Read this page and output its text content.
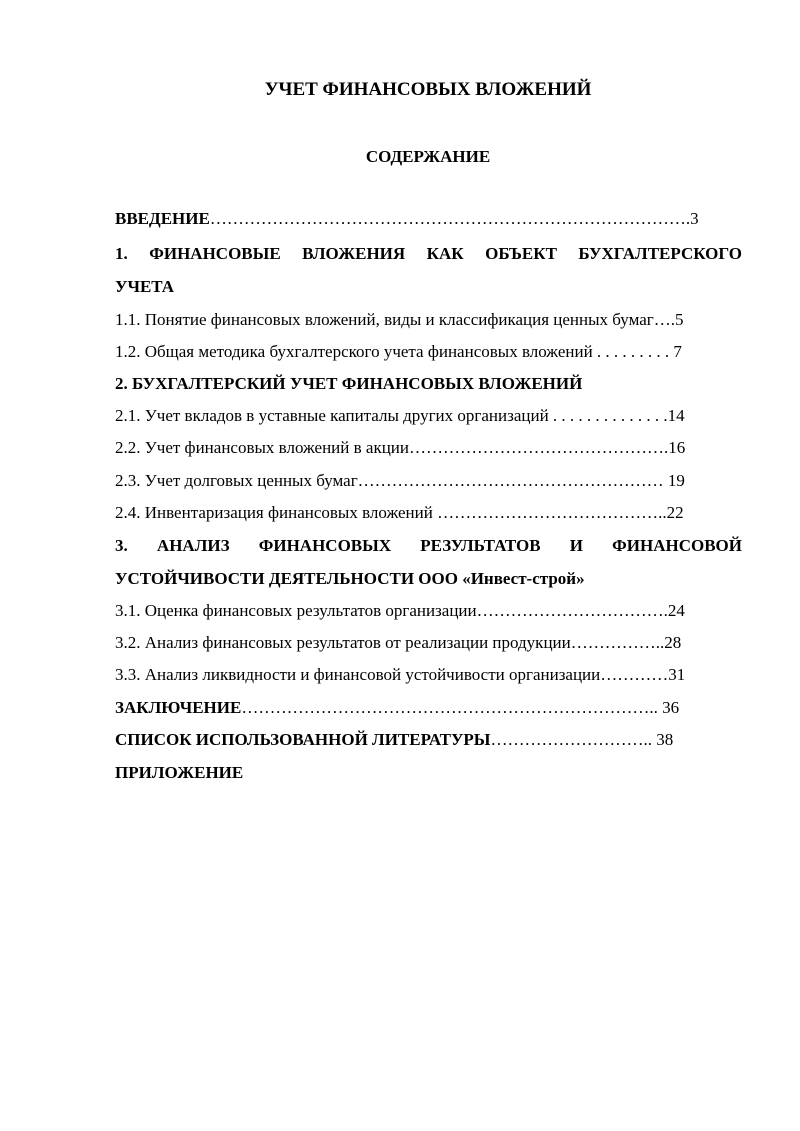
УЧЕТ ФИНАНСОВЫХ ВЛОЖЕНИЙ
СОДЕРЖАНИЕ
ВВЕДЕНИЕ………………………………………………………………………….3
1. ФИНАНСОВЫЕ ВЛОЖЕНИЯ КАК ОБЪЕКТ БУХГАЛТЕРСКОГО
УЧЕТА
1.1. Понятие финансовых вложений, виды и классификация ценных бумаг….5
1.2. Общая методика бухгалтерского учета финансовых вложений . . . . . . . . . 7
2. БУХГАЛТЕРСКИЙ УЧЕТ ФИНАНСОВЫХ ВЛОЖЕНИЙ
2.1. Учет вкладов в уставные капиталы других организаций . . . . . . . . . . . . . .14
2.2. Учет финансовых вложений в акции……………………………………….16
2.3. Учет долговых ценных бумаг……………………………………………… 19
2.4. Инвентаризация финансовых вложений …………………………………..22
3. АНАЛИЗ ФИНАНСОВЫХ РЕЗУЛЬТАТОВ И ФИНАНСОВОЙ
УСТОЙЧИВОСТИ ДЕЯТЕЛЬНОСТИ ООО «Инвест-строй»
3.1. Оценка финансовых результатов организации…………………………….24
3.2. Анализ финансовых результатов от реализации продукции……………..28
3.3. Анализ ликвидности и финансовой устойчивости организации…………31
ЗАКЛЮЧЕНИЕ……………………………………………………………….. 36
СПИСОК ИСПОЛЬЗОВАННОЙ ЛИТЕРАТУРЫ……………………….. 38
ПРИЛОЖЕНИЕ
